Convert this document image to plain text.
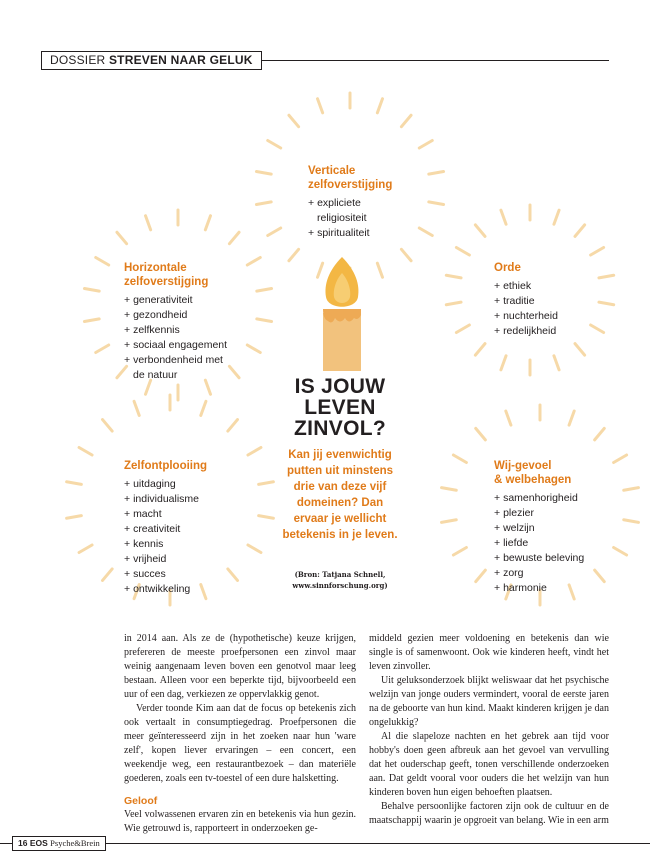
DOSSIER STREVEN NAAR GELUK
Verticale
zelfoverstijging
+ expliciete religiositeit
+ spiritualiteit
Horizontale
zelfoverstijging
+ generativiteit
+ gezondheid
+ zelfkennis
+ sociaal engagement
+ verbondenheid met de natuur
Orde
+ ethiek
+ traditie
+ nuchterheid
+ redelijkheid
Zelfontplooiing
+ uitdaging
+ individualisme
+ macht
+ creativiteit
+ kennis
+ vrijheid
+ succes
+ ontwikkeling
Wij-gevoel
& welbehagen
+ samenhorigheid
+ plezier
+ welzijn
+ liefde
+ bewuste beleving
+ zorg
+ harmonie
IS JOUW
LEVEN
ZINVOL?
Kan jij evenwichtig
putten uit minstens
drie van deze vijf
domeinen? Dan
ervaar je wellicht
betekenis in je leven.
(Bron: Tatjana Schnell,
www.sinnforschung.org)

in 2014 aan. Als ze de (hypothetische) keuze krijgen, prefereren de meeste proefpersonen een zinvol maar weinig aangenaam leven boven een genotvol maar leeg bestaan. Alleen voor een beperkte tijd, bijvoorbeeld een uur of een dag, verkiezen ze oppervlakkig genot.

Verder toonde Kim aan dat de focus op betekenis zich ook vertaalt in consumptiegedrag. Proefpersonen die meer geïnteresseerd zijn in het zoeken naar hun 'ware zelf', kopen liever ervaringen – een concert, een weekendje weg, een restaurantbezoek – dan materiële goederen, zoals een tv-toestel of een dure halsketting.

Geloof

Veel volwassenen ervaren zin en betekenis via hun gezin. Wie getrouwd is, rapporteert in onderzoeken ge-

middeld gezien meer voldoening en betekenis dan wie single is of samenwoont. Ook wie kinderen heeft, vindt het leven zinvoller.

Uit geluksonderzoek blijkt weliswaar dat het psychische welzijn van jonge ouders vermindert, vooral de eerste jaren na de geboorte van hun kind. Maakt kinderen krijgen je dan ongelukkig?

Al die slapeloze nachten en het gebrek aan tijd voor hobby's doen geen afbreuk aan het gevoel van vervulling dat het ouderschap geeft, tonen verschillende onderzoeken aan. Dat geldt vooral voor ouders die het welzijn van hun kinderen boven hun eigen behoeften plaatsen.

Behalve persoonlijke factoren zijn ook de cultuur en de maatschappij waarin je opgroeit van belang. Wie in een arm

16 EOS Psyche&Brein
